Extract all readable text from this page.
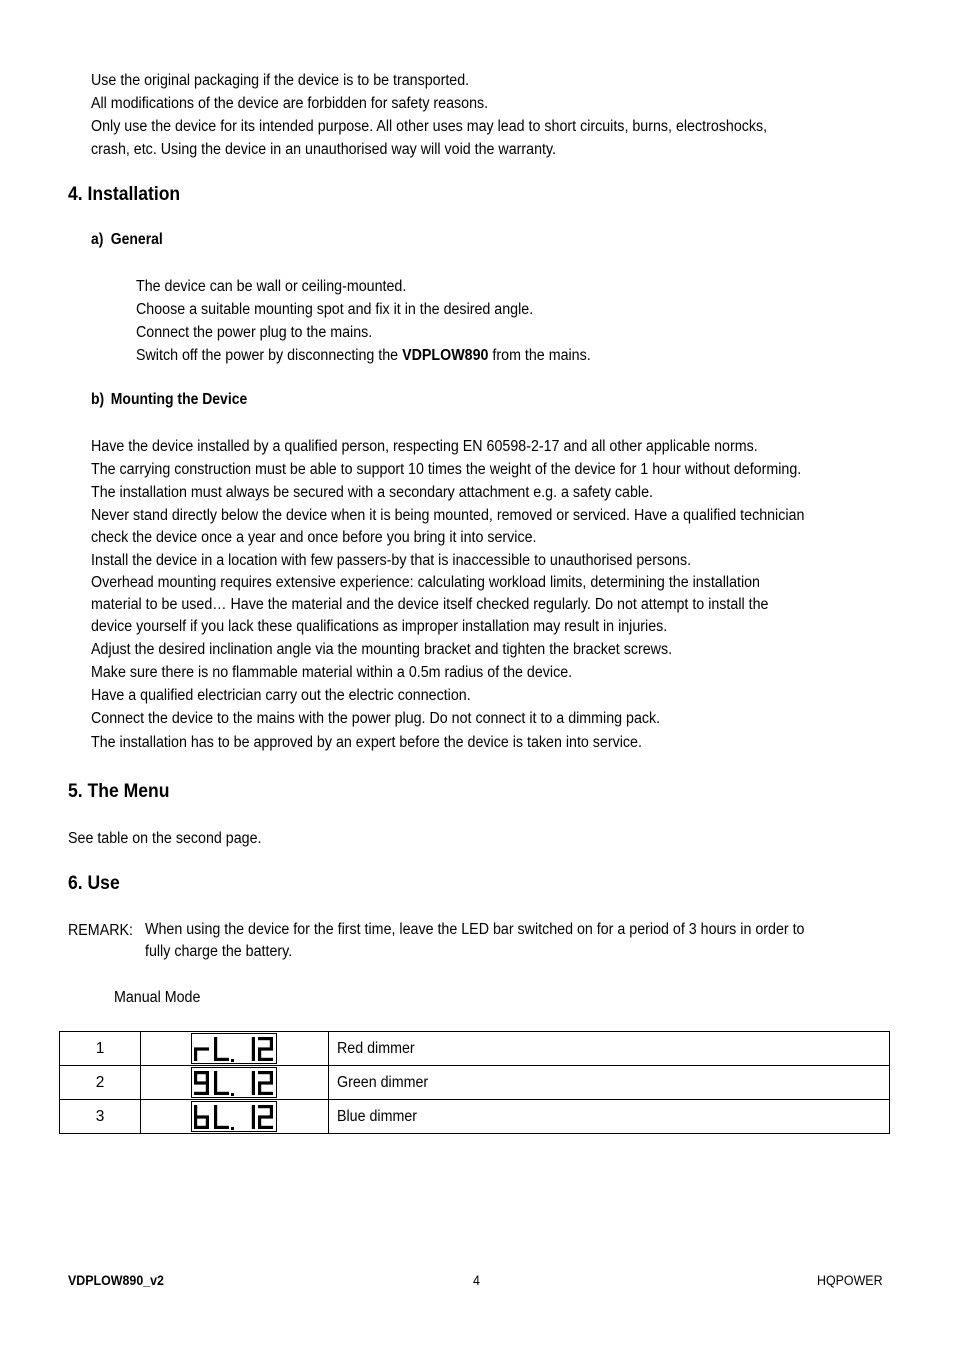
Use the original packaging if the device is to be transported.
All modifications of the device are forbidden for safety reasons.
Only use the device for its intended purpose. All other uses may lead to short circuits, burns, electroshocks,
crash, etc. Using the device in an unauthorised way will void the warranty.
4. Installation
a) General
The device can be wall or ceiling-mounted.
Choose a suitable mounting spot and fix it in the desired angle.
Connect the power plug to the mains.
Switch off the power by disconnecting the VDPLOW890 from the mains.
b) Mounting the Device
Have the device installed by a qualified person, respecting EN 60598-2-17 and all other applicable norms.
The carrying construction must be able to support 10 times the weight of the device for 1 hour without deforming.
The installation must always be secured with a secondary attachment e.g. a safety cable.
Never stand directly below the device when it is being mounted, removed or serviced. Have a qualified technician
check the device once a year and once before you bring it into service.
Install the device in a location with few passers-by that is inaccessible to unauthorised persons.
Overhead mounting requires extensive experience: calculating workload limits, determining the installation
material to be used… Have the material and the device itself checked regularly. Do not attempt to install the
device yourself if you lack these qualifications as improper installation may result in injuries.
Adjust the desired inclination angle via the mounting bracket and tighten the bracket screws.
Make sure there is no flammable material within a 0.5m radius of the device.
Have a qualified electrician carry out the electric connection.
Connect the device to the mains with the power plug. Do not connect it to a dimming pack.
The installation has to be approved by an expert before the device is taken into service.
5. The Menu
See table on the second page.
6. Use
REMARK: When using the device for the first time, leave the LED bar switched on for a period of 3 hours in order to
fully charge the battery.
Manual Mode
1		Red dimmer
2		Green dimmer
3		Blue dimmer
VDPLOW890_v2	4	HQPOWER
